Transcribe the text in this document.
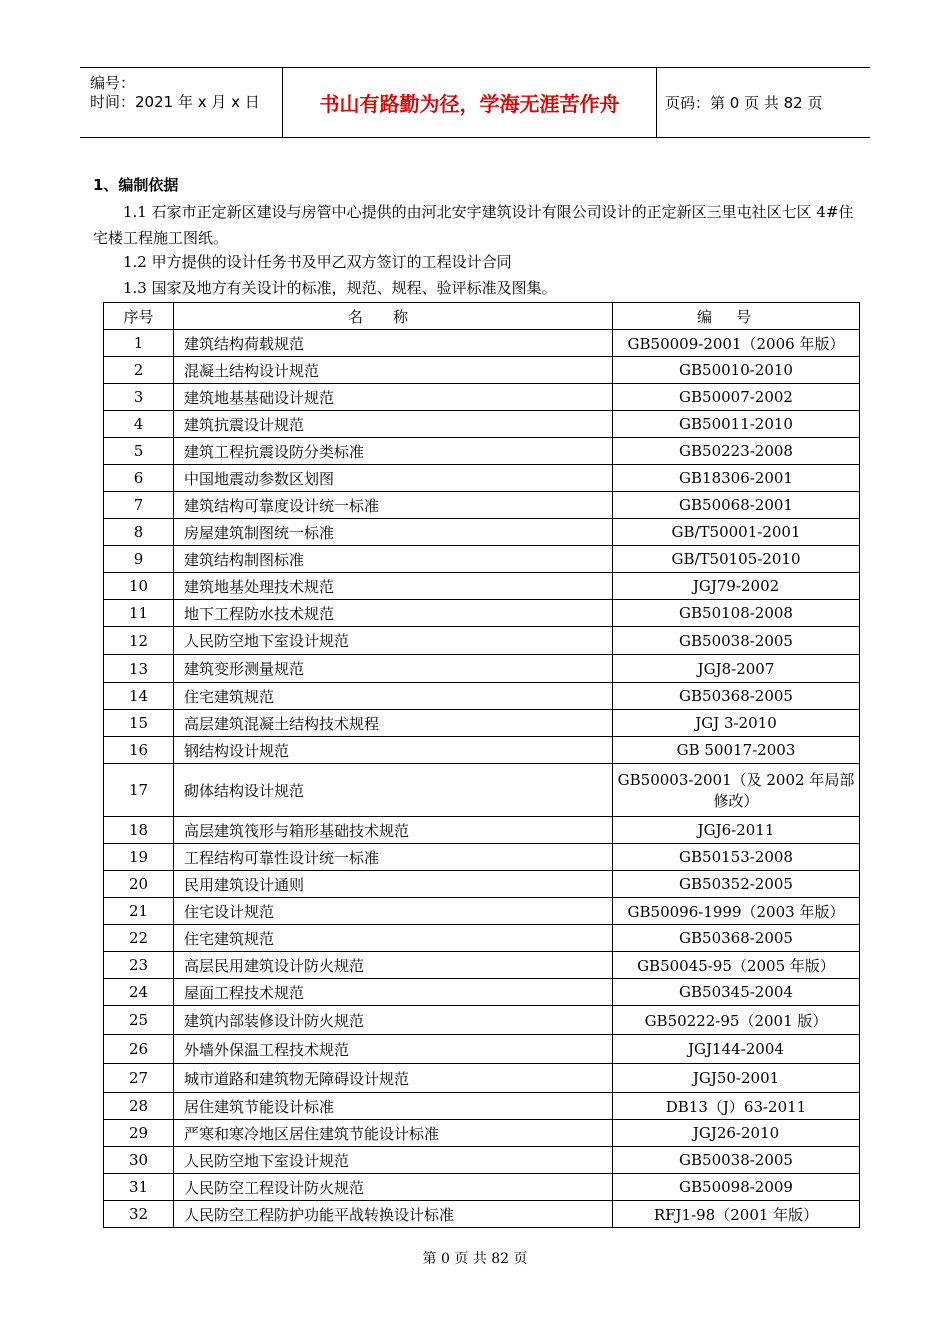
编号：
时间：2021 年 x 月 x 日	书山有路勤为径，学海无涯苦作舟	页码：第 0 页 共 82 页
1、编制依据
1.1 石家市正定新区建设与房管中心提供的由河北安宇建筑设计有限公司设计的正定新区三里屯社区七区 4#住宅楼工程施工图纸。
1.2 甲方提供的设计任务书及甲乙双方签订的工程设计合同
1.3 国家及地方有关设计的标准，规范、规程、验评标准及图集。
序号	名称	编号
1	建筑结构荷载规范	GB50009-2001（2006 年版）
2	混凝土结构设计规范	GB50010-2010
3	建筑地基基础设计规范	GB50007-2002
4	建筑抗震设计规范	GB50011-2010
5	建筑工程抗震设防分类标准	GB50223-2008
6	中国地震动参数区划图	GB18306-2001
7	建筑结构可靠度设计统一标准	GB50068-2001
8	房屋建筑制图统一标准	GB/T50001-2001
9	建筑结构制图标准	GB/T50105-2010
10	建筑地基处理技术规范	JGJ79-2002
11	地下工程防水技术规范	GB50108-2008
12	人民防空地下室设计规范	GB50038-2005
13	建筑变形测量规范	JGJ8-2007
14	住宅建筑规范	GB50368-2005
15	高层建筑混凝土结构技术规程	JGJ 3-2010
16	钢结构设计规范	GB 50017-2003
17	砌体结构设计规范	GB50003-2001（及 2002 年局部修改）
18	高层建筑筏形与箱形基础技术规范	JGJ6-2011
19	工程结构可靠性设计统一标准	GB50153-2008
20	民用建筑设计通则	GB50352-2005
21	住宅设计规范	GB50096-1999（2003 年版）
22	住宅建筑规范	GB50368-2005
23	高层民用建筑设计防火规范	GB50045-95（2005 年版）
24	屋面工程技术规范	GB50345-2004
25	建筑内部装修设计防火规范	GB50222-95（2001 版）
26	外墙外保温工程技术规范	JGJ144-2004
27	城市道路和建筑物无障碍设计规范	JGJ50-2001
28	居住建筑节能设计标准	DB13（J）63-2011
29	严寒和寒冷地区居住建筑节能设计标准	JGJ26-2010
30	人民防空地下室设计规范	GB50038-2005
31	人民防空工程设计防火规范	GB50098-2009
32	人民防空工程防护功能平战转换设计标准	RFJ1-98（2001 年版）
第 0 页 共 82 页
